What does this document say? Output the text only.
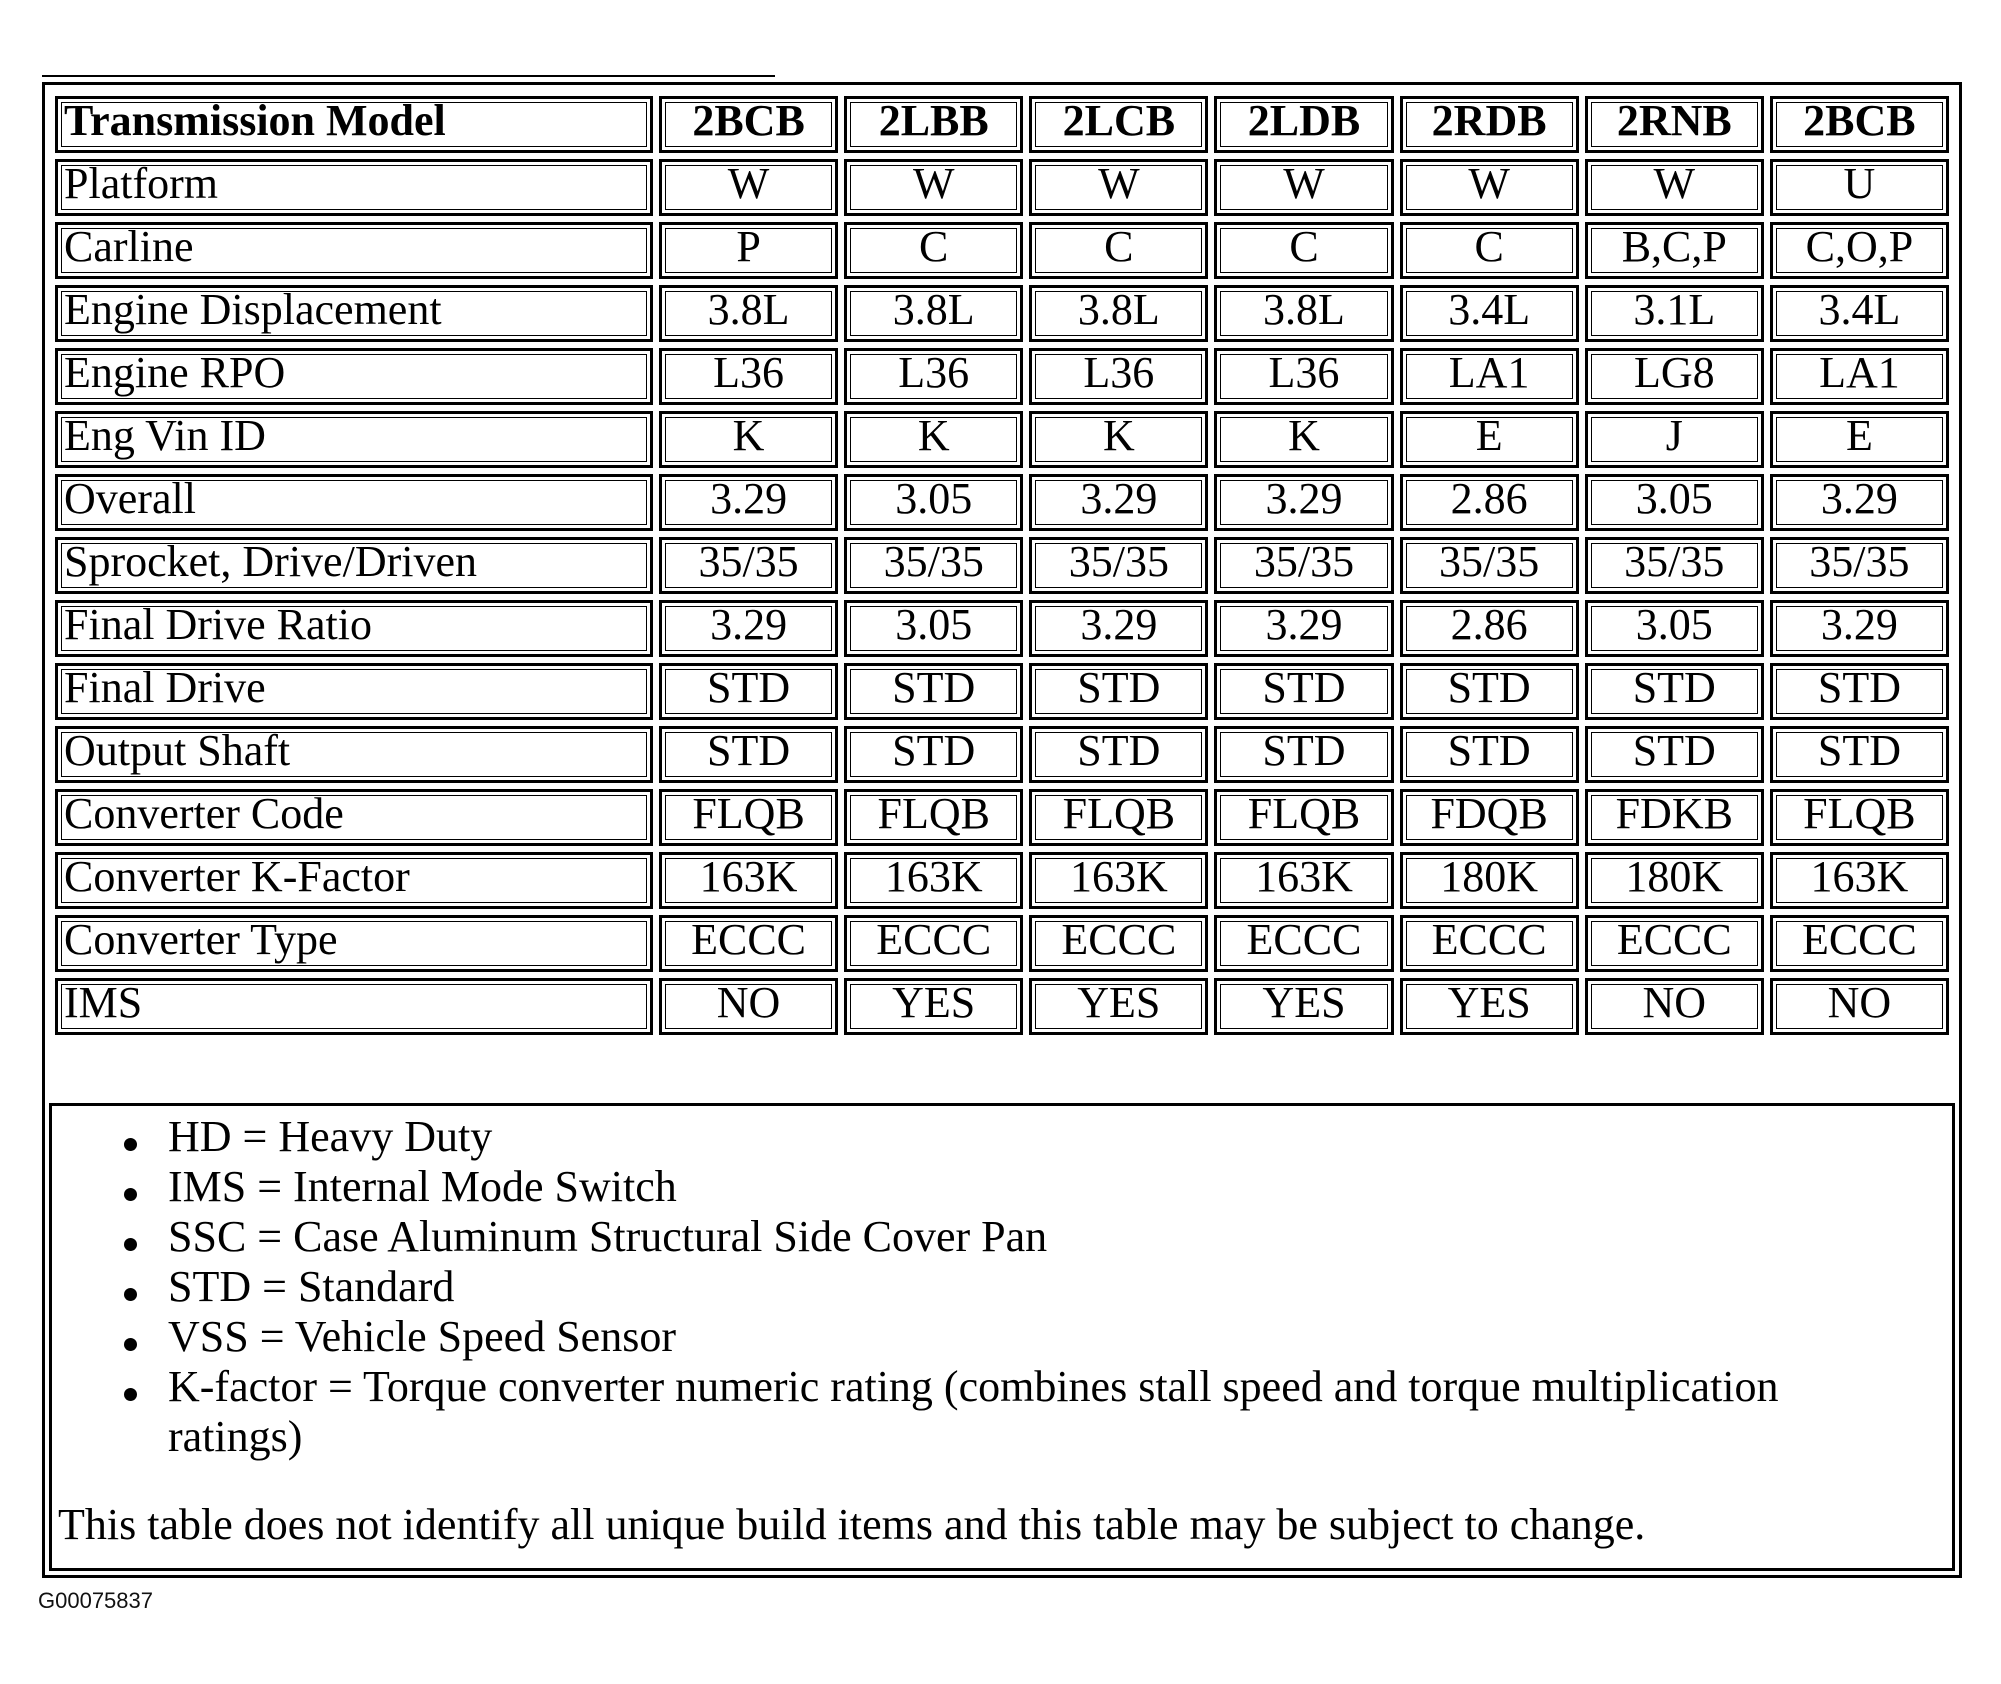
Transmission Model	2BCB	2LBB	2LCB	2LDB	2RDB	2RNB	2BCB
Platform	W	W	W	W	W	W	U
Carline	P	C	C	C	C	B,C,P	C,O,P
Engine Displacement	3.8L	3.8L	3.8L	3.8L	3.4L	3.1L	3.4L
Engine RPO	L36	L36	L36	L36	LA1	LG8	LA1
Eng Vin ID	K	K	K	K	E	J	E
Overall	3.29	3.05	3.29	3.29	2.86	3.05	3.29
Sprocket, Drive/Driven	35/35	35/35	35/35	35/35	35/35	35/35	35/35
Final Drive Ratio	3.29	3.05	3.29	3.29	2.86	3.05	3.29
Final Drive	STD	STD	STD	STD	STD	STD	STD
Output Shaft	STD	STD	STD	STD	STD	STD	STD
Converter Code	FLQB	FLQB	FLQB	FLQB	FDQB	FDKB	FLQB
Converter K-Factor	163K	163K	163K	163K	180K	180K	163K
Converter Type	ECCC	ECCC	ECCC	ECCC	ECCC	ECCC	ECCC
IMS	NO	YES	YES	YES	YES	NO	NO
HD = Heavy Duty
IMS = Internal Mode Switch
SSC = Case Aluminum Structural Side Cover Pan
STD = Standard
VSS = Vehicle Speed Sensor
K-factor = Torque converter numeric rating (combines stall speed and torque multiplication ratings)
This table does not identify all unique build items and this table may be subject to change.
G00075837
